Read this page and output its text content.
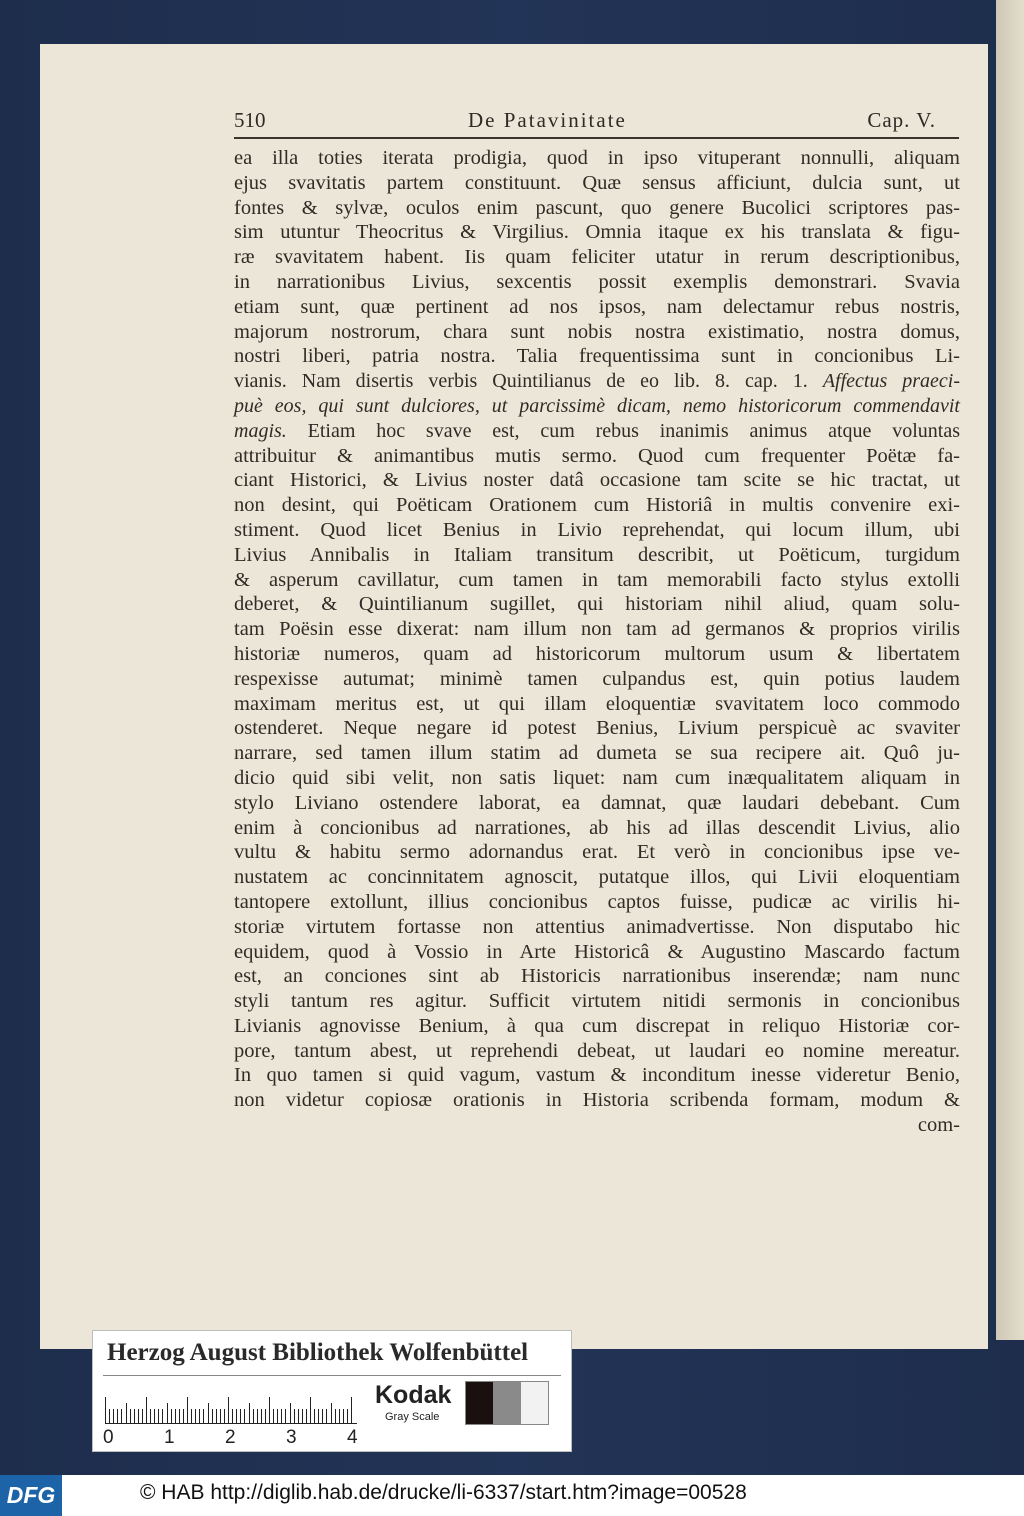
510	De Patavinitate	Cap. V.
ea illa toties iterata prodigia, quod in ipso vituperant nonnulli, aliquam
ejus svavitatis partem constituunt. Quæ sensus afficiunt, dulcia sunt, ut
fontes & sylvæ, oculos enim pascunt, quo genere Bucolici scriptores pas-
sim utuntur Theocritus & Virgilius. Omnia itaque ex his translata & figu-
ræ svavitatem habent. Iis quam feliciter utatur in rerum descriptionibus,
in narrationibus Livius, sexcentis possit exemplis demonstrari. Svavia
etiam sunt, quæ pertinent ad nos ipsos, nam delectamur rebus nostris,
majorum nostrorum, chara sunt nobis nostra existimatio, nostra domus,
nostri liberi, patria nostra. Talia frequentissima sunt in concionibus Li-
vianis. Nam disertis verbis Quintilianus de eo lib. 8. cap. 1. Affectus praeci-
puè eos, qui sunt dulciores, ut parcissimè dicam, nemo historicorum commendavit
magis. Etiam hoc svave est, cum rebus inanimis animus atque voluntas
attribuitur & animantibus mutis sermo. Quod cum frequenter Poëtæ fa-
ciant Historici, & Livius noster datâ occasione tam scite se hic tractat, ut
non desint, qui Poëticam Orationem cum Historiâ in multis convenire exi-
stiment. Quod licet Benius in Livio reprehendat, qui locum illum, ubi
Livius Annibalis in Italiam transitum describit, ut Poëticum, turgidum
& asperum cavillatur, cum tamen in tam memorabili facto stylus extolli
deberet, & Quintilianum sugillet, qui historiam nihil aliud, quam solu-
tam Poësin esse dixerat: nam illum non tam ad germanos & proprios virilis
historiæ numeros, quam ad historicorum multorum usum & libertatem
respexisse autumat; minimè tamen culpandus est, quin potius laudem
maximam meritus est, ut qui illam eloquentiæ svavitatem loco commodo
ostenderet. Neque negare id potest Benius, Livium perspicuè ac svaviter
narrare, sed tamen illum statim ad dumeta se sua recipere ait. Quô ju-
dicio quid sibi velit, non satis liquet: nam cum inæqualitatem aliquam in
stylo Liviano ostendere laborat, ea damnat, quæ laudari debebant. Cum
enim à concionibus ad narrationes, ab his ad illas descendit Livius, alio
vultu & habitu sermo adornandus erat. Et verò in concionibus ipse ve-
nustatem ac concinnitatem agnoscit, putatque illos, qui Livii eloquentiam
tantopere extollunt, illius concionibus captos fuisse, pudicæ ac virilis hi-
storiæ virtutem fortasse non attentius animadvertisse. Non disputabo hic
equidem, quod à Vossio in Arte Historicâ & Augustino Mascardo factum
est, an conciones sint ab Historicis narrationibus inserendæ; nam nunc
styli tantum res agitur. Sufficit virtutem nitidi sermonis in concionibus
Livianis agnovisse Benium, à qua cum discrepat in reliquo Historiæ cor-
pore, tantum abest, ut reprehendi debeat, ut laudari eo nomine mereatur.
In quo tamen si quid vagum, vastum & inconditum inesse videretur Benio,
non videtur copiosæ orationis in Historia scribenda formam, modum &
com-
Herzog August Bibliothek Wolfenbüttel
0	1	2	3	4
Kodak
Gray Scale
DFG	© HAB http://diglib.hab.de/drucke/li-6337/start.htm?image=00528
